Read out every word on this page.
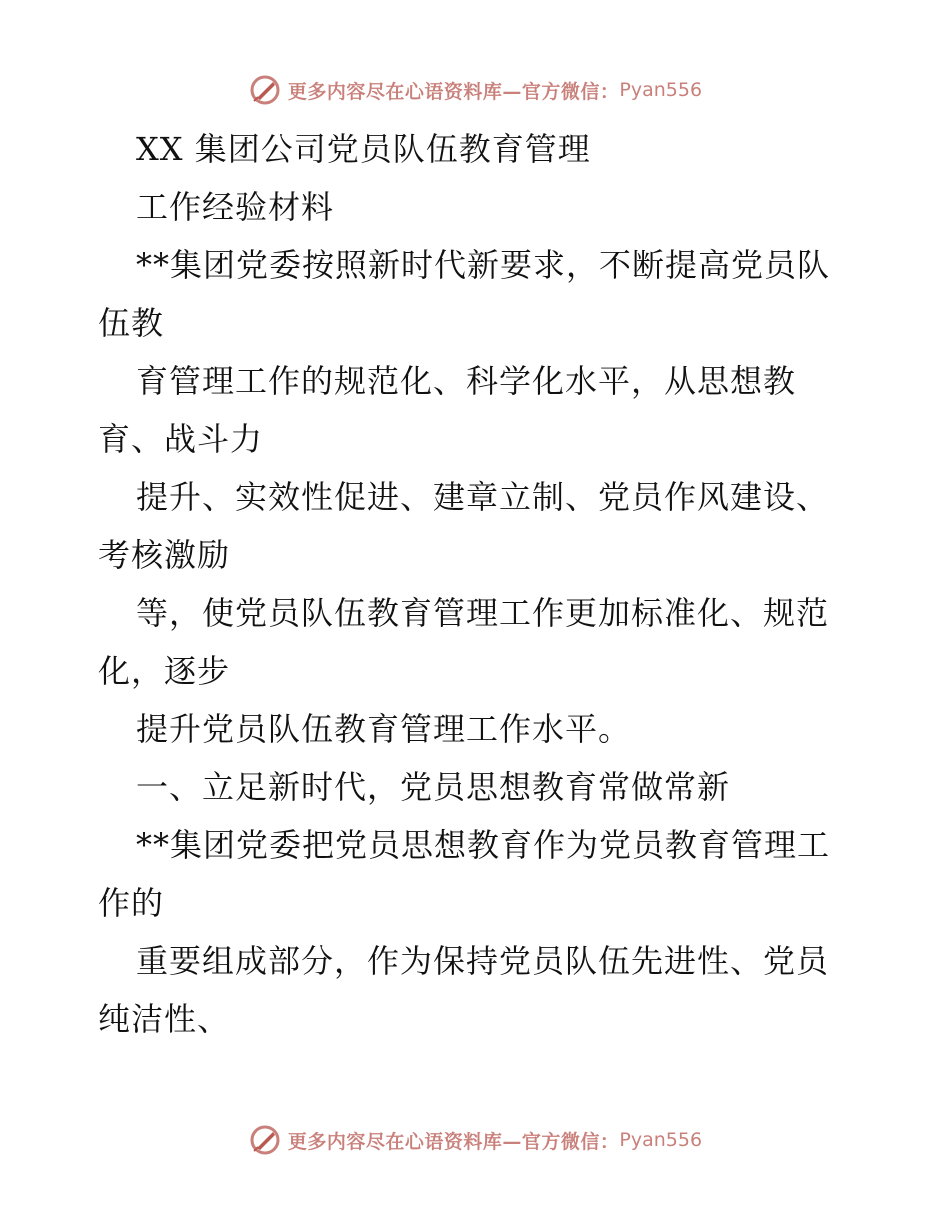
更多内容尽在心语资料库—官方微信： Pyan556
XX 集团公司党员队伍教育管理
工作经验材料
**集团党委按照新时代新要求，不断提高党员队
伍教
育管理工作的规范化、科学化水平，从思想教
育、战斗力
提升、实效性促进、建章立制、党员作风建设、
考核激励
等，使党员队伍教育管理工作更加标准化、规范
化，逐步
提升党员队伍教育管理工作水平。
一、立足新时代，党员思想教育常做常新
**集团党委把党员思想教育作为党员教育管理工
作的
重要组成部分，作为保持党员队伍先进性、党员
纯洁性、
更多内容尽在心语资料库—官方微信： Pyan556
